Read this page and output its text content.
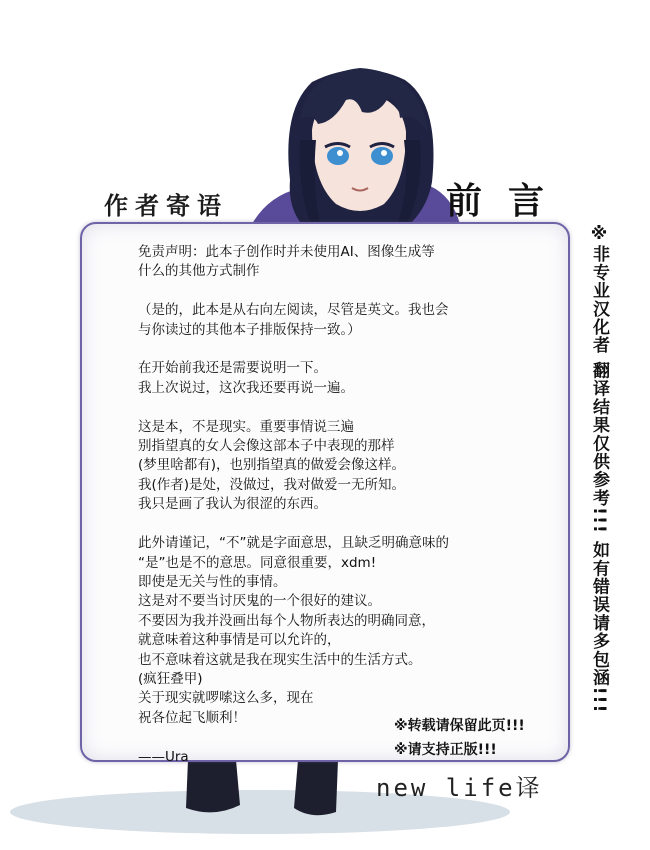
作者寄语	前言
免责声明：此本子创作时并未使用AI、图像生成等
什么的其他方式制作

（是的，此本是从右向左阅读，尽管是英文。我也会
与你读过的其他本子排版保持一致。）

在开始前我还是需要说明一下。
我上次说过，这次我还要再说一遍。

这是本，不是现实。重要事情说三遍
别指望真的女人会像这部本子中表现的那样
(梦里啥都有)，也别指望真的做爱会像这样。
我(作者)是处，没做过，我对做爱一无所知。
我只是画了我认为很涩的东西。

此外请谨记，“不”就是字面意思，且缺乏明确意味的
“是”也是不的意思。同意很重要，xdm!
即使是无关与性的事情。
这是对不要当讨厌鬼的一个很好的建议。
不要因为我并没画出每个人物所表达的明确同意，
就意味着这种事情是可以允许的，
也不意味着这就是我在现实生活中的生活方式。
(疯狂叠甲)
关于现实就啰嗦这么多，现在
祝各位起飞顺利！

——Ura
※转载请保留此页!!!
※请支持正版!!!
※非专业汉化者 翻译结果仅供参考!!! 如有错误请多包涵!!!
new life译
